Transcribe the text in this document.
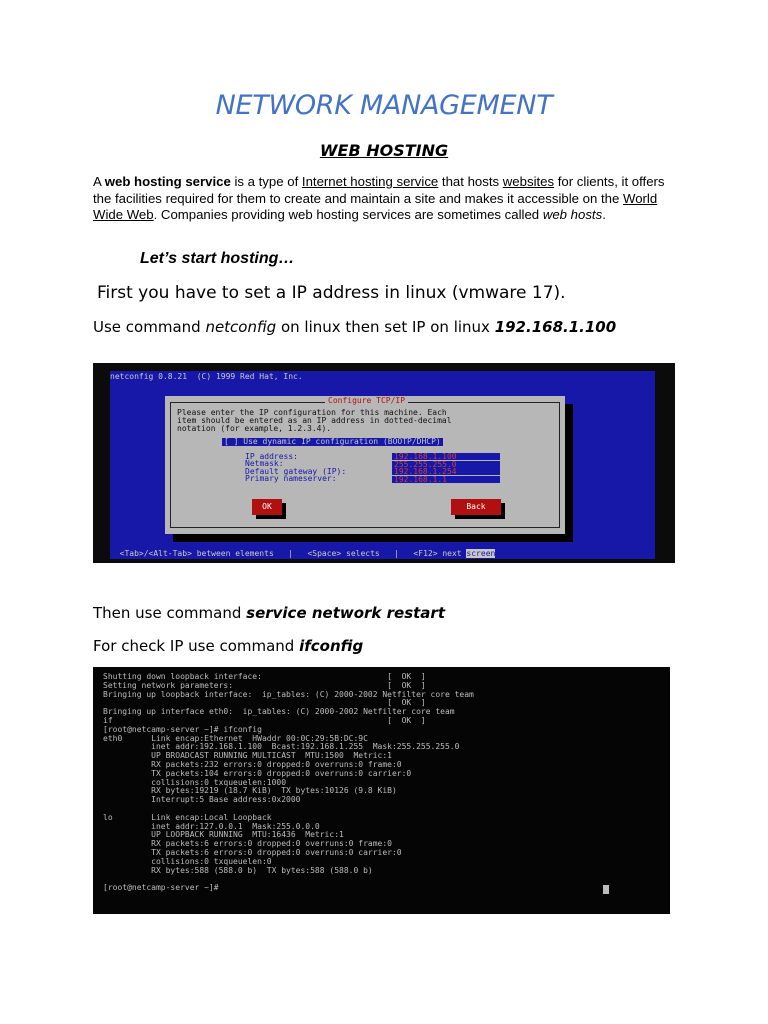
NETWORK MANAGEMENT
WEB HOSTING
A web hosting service is a type of Internet hosting service that hosts websites for clients, it offers the facilities required for them to create and maintain a site and makes it accessible on the World Wide Web. Companies providing web hosting services are sometimes called web hosts.
Let’s start hosting…
First you have to set a IP address in linux (vmware 17).
Use command netconfig on linux then set IP on linux 192.168.1.100
netconfig 0.8.21  (C) 1999 Red Hat, Inc.
Configure TCP/IP
Please enter the IP configuration for this machine. Each
item should be entered as an IP address in dotted-decimal
notation (for example, 1.2.3.4).
[ ] Use dynamic IP configuration (BOOTP/DHCP)
IP address:
Netmask:
Default gateway (IP):
Primary nameserver:
192.168.1.100
255.255.255.0
192.168.1.254
192.168.1.1
OK	Back
<Tab>/<Alt-Tab> between elements   |   <Space> selects   |   <F12> next screen
Then use command service network restart
For check IP use command ifconfig
Shutting down loopback interface:                          [  OK  ]
Setting network parameters:                                [  OK  ]
Bringing up loopback interface:  ip_tables: (C) 2000-2002 Netfilter core team
[  OK  ]
Bringing up interface eth0:  ip_tables: (C) 2000-2002 Netfilter core team
if                                                         [  OK  ]
[root@netcamp-server ~]# ifconfig
eth0      Link encap:Ethernet  HWaddr 00:0C:29:5B:DC:9C
inet addr:192.168.1.100  Bcast:192.168.1.255  Mask:255.255.255.0
UP BROADCAST RUNNING MULTICAST  MTU:1500  Metric:1
RX packets:232 errors:0 dropped:0 overruns:0 frame:0
TX packets:104 errors:0 dropped:0 overruns:0 carrier:0
collisions:0 txqueuelen:1000
RX bytes:19219 (18.7 KiB)  TX bytes:10126 (9.8 KiB)
Interrupt:5 Base address:0x2000

lo        Link encap:Local Loopback
inet addr:127.0.0.1  Mask:255.0.0.0
UP LOOPBACK RUNNING  MTU:16436  Metric:1
RX packets:6 errors:0 dropped:0 overruns:0 frame:0
TX packets:6 errors:0 dropped:0 overruns:0 carrier:0
collisions:0 txqueuelen:0
RX bytes:588 (588.0 b)  TX bytes:588 (588.0 b)

[root@netcamp-server ~]#
